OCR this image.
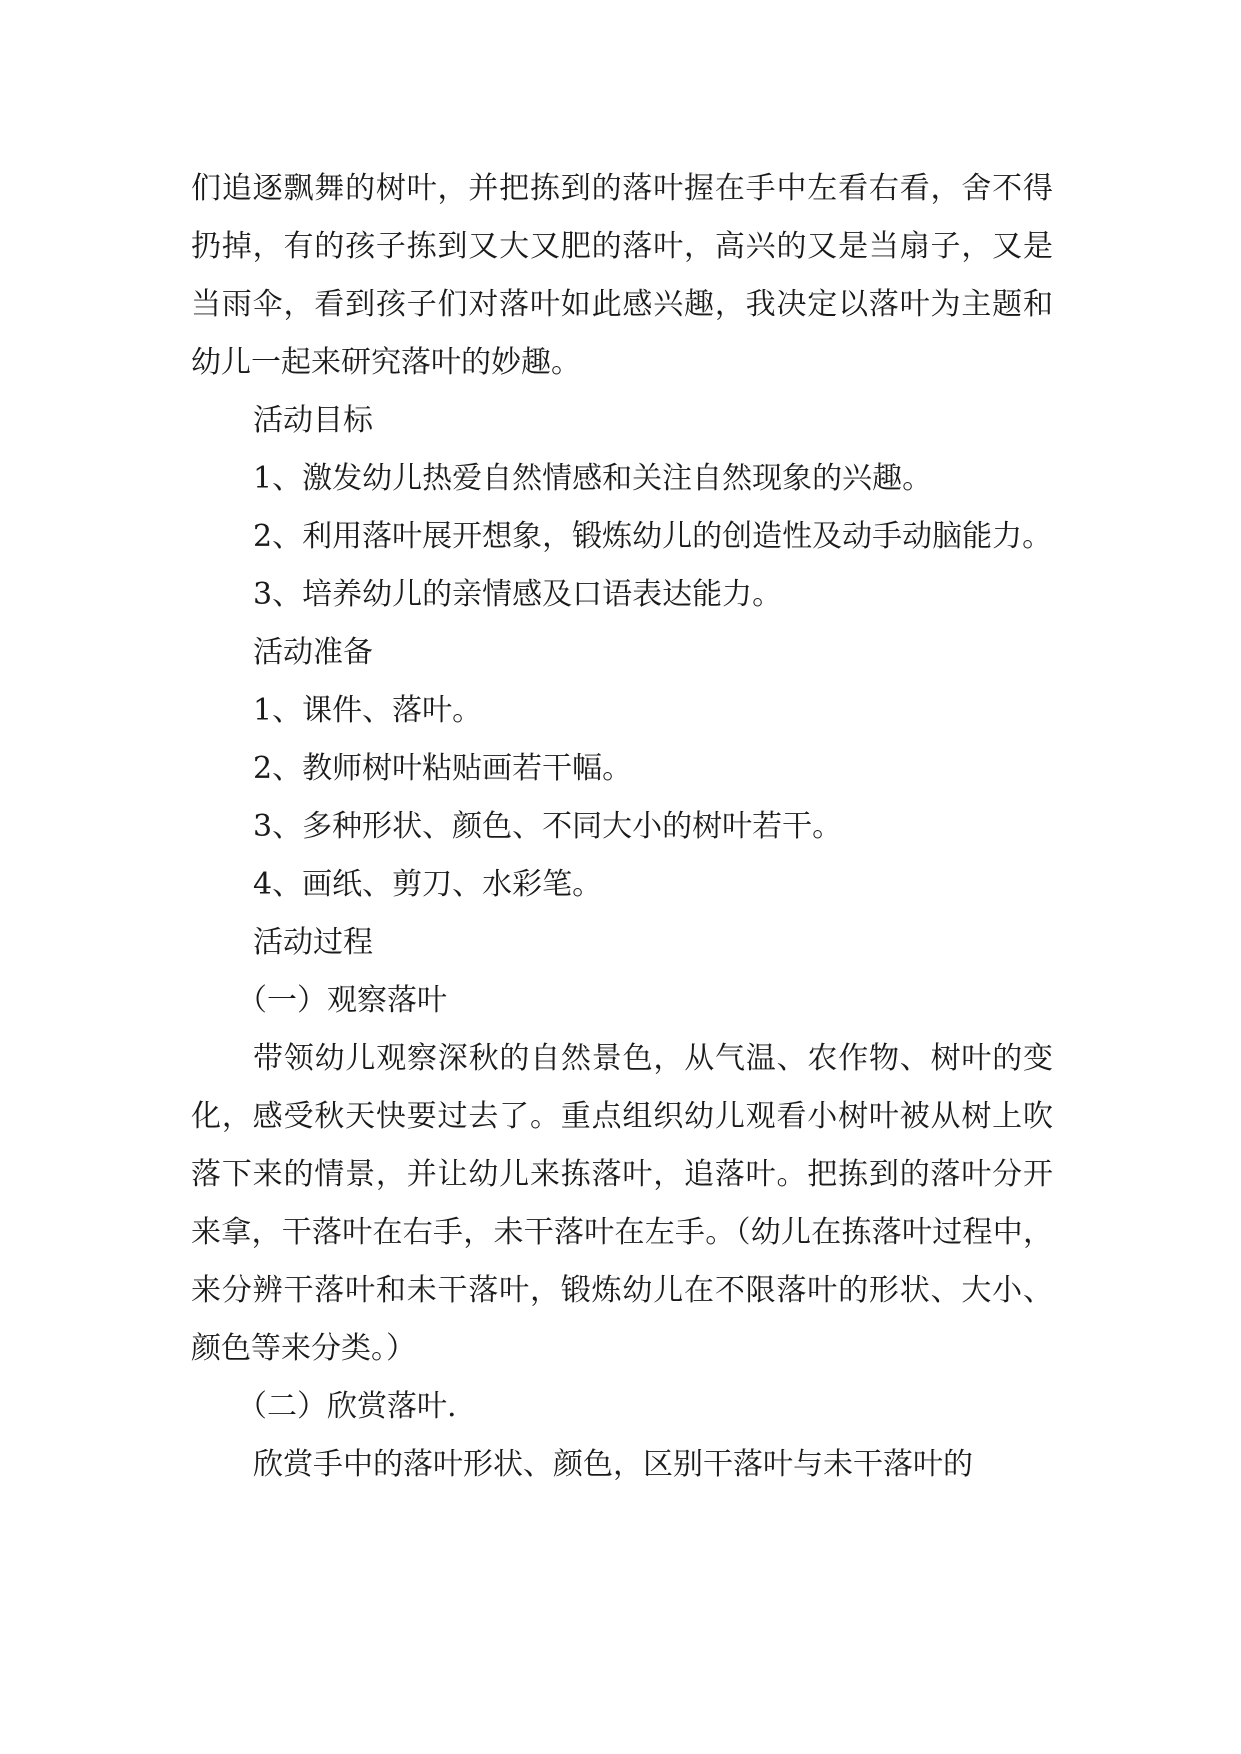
们追逐飘舞的树叶，并把拣到的落叶握在手中左看右看，舍不得扔掉，有的孩子拣到又大又肥的落叶，高兴的又是当扇子，又是当雨伞，看到孩子们对落叶如此感兴趣，我决定以落叶为主题和幼儿一起来研究落叶的妙趣。

活动目标

1、激发幼儿热爱自然情感和关注自然现象的兴趣。

2、利用落叶展开想象，锻炼幼儿的创造性及动手动脑能力。

3、培养幼儿的亲情感及口语表达能力。

活动准备

1、课件、落叶。

2、教师树叶粘贴画若干幅。

3、多种形状、颜色、不同大小的树叶若干。

4、画纸、剪刀、水彩笔。

活动过程

（一）观察落叶

带领幼儿观察深秋的自然景色，从气温、农作物、树叶的变化，感受秋天快要过去了。重点组织幼儿观看小树叶被从树上吹落下来的情景，并让幼儿来拣落叶，追落叶。把拣到的落叶分开来拿，干落叶在右手，未干落叶在左手。（幼儿在拣落叶过程中，来分辨干落叶和未干落叶，锻炼幼儿在不限落叶的形状、大小、颜色等来分类。）

（二）欣赏落叶.

欣赏手中的落叶形状、颜色，区别干落叶与未干落叶的
